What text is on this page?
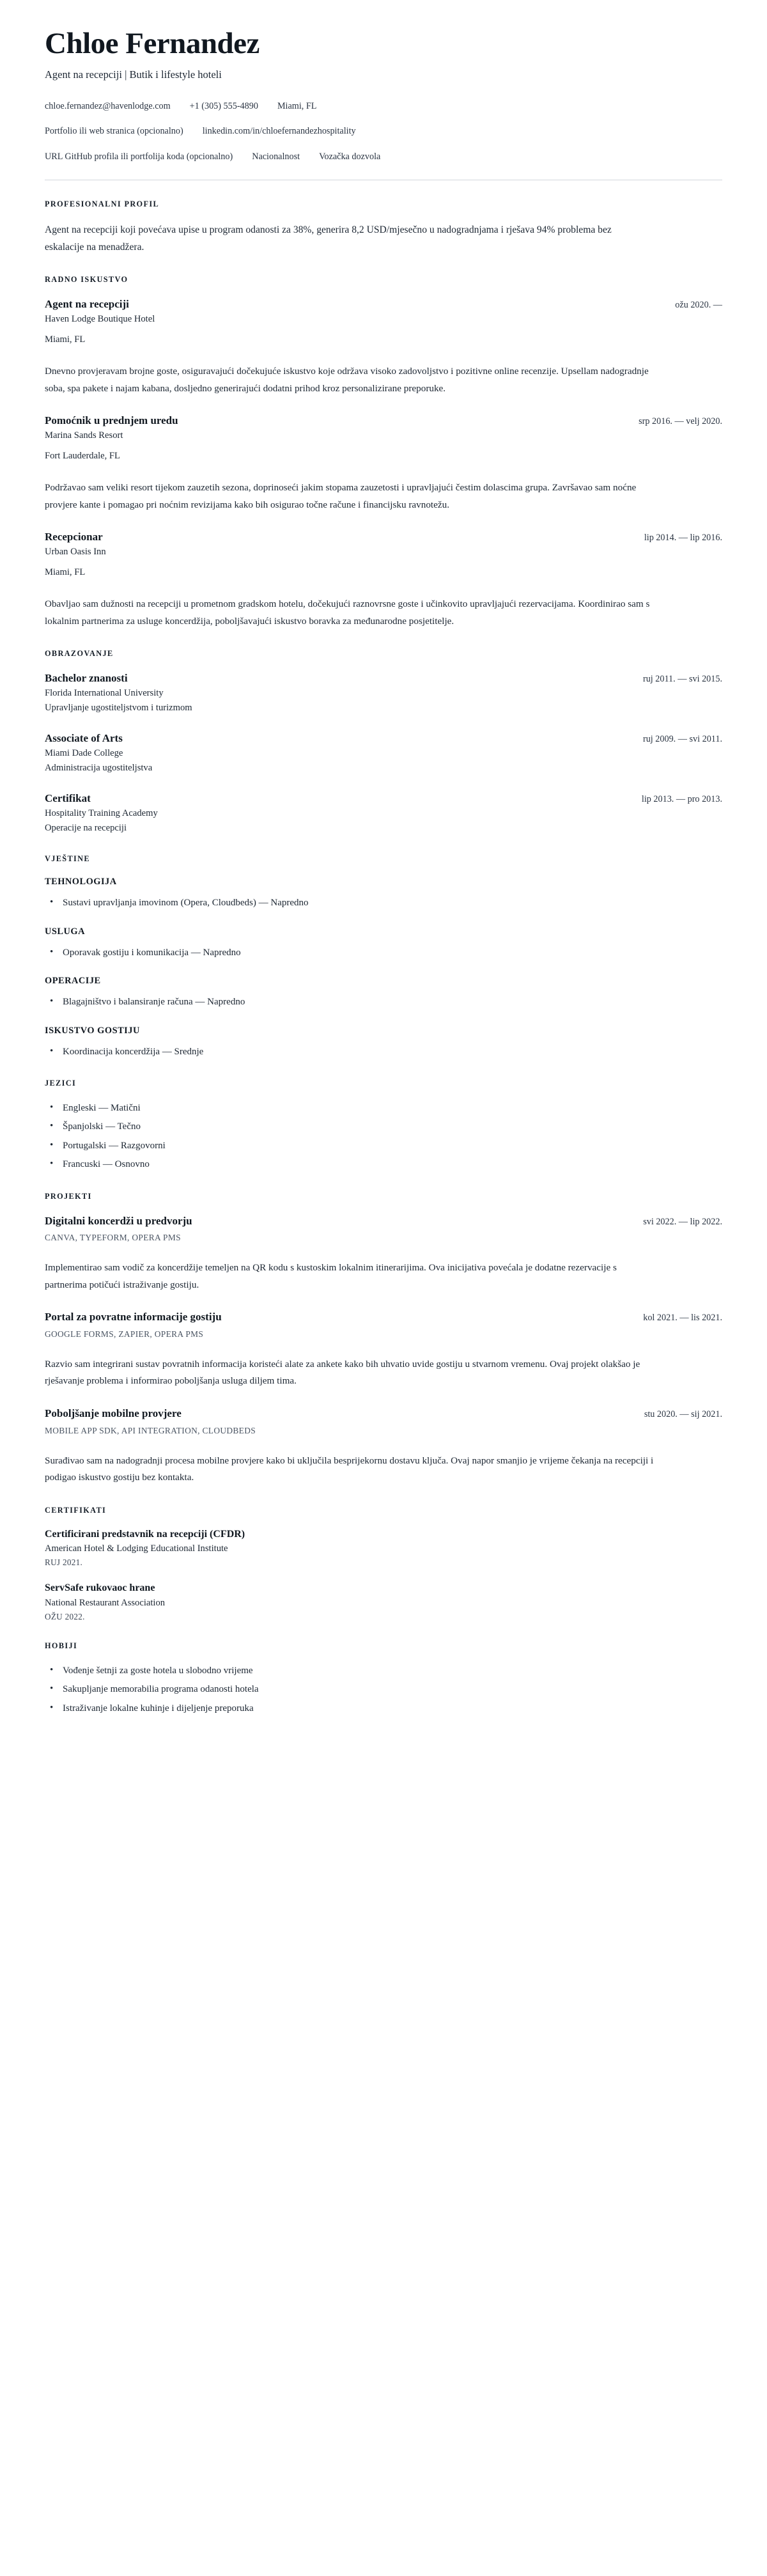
Chloe Fernandez
Agent na recepciji | Butik i lifestyle hoteli
chloe.fernandez@havenlodge.com +1 (305) 555-4890 Miami, FL
Portfolio ili web stranica (opcionalno) linkedin.com/in/chloefernandezhospitality
URL GitHub profila ili portfolija koda (opcionalno) Nacionalnost Vozačka dozvola
PROFESIONALNI PROFIL

Agent na recepciji koji povećava upise u program odanosti za 38%, generira 8,2 USD/mjesečno u nadogradnjama i rješava 94% problema bez eskalacije na menadžera.

RADNO ISKUSTVO
Agent na recepciji	ožu 2020. —
Haven Lodge Boutique Hotel
Miami, FL

Dnevno provjeravam brojne goste, osiguravajući dočekujuće iskustvo koje održava visoko zadovoljstvo i pozitivne online recenzije. Upsellam nadogradnje soba, spa pakete i najam kabana, dosljedno generirajući dodatni prihod kroz personalizirane preporuke.

Pomoćnik u prednjem uredu	srp 2016. — velj 2020.
Marina Sands Resort
Fort Lauderdale, FL

Podržavao sam veliki resort tijekom zauzetih sezona, doprinoseći jakim stopama zauzetosti i upravljajući čestim dolascima grupa. Završavao sam noćne provjere kante i pomagao pri noćnim revizijama kako bih osigurao točne račune i financijsku ravnotežu.

Recepcionar	lip 2014. — lip 2016.
Urban Oasis Inn
Miami, FL

Obavljao sam dužnosti na recepciji u prometnom gradskom hotelu, dočekujući raznovrsne goste i učinkovito upravljajući rezervacijama. Koordinirao sam s lokalnim partnerima za usluge koncerdžija, poboljšavajući iskustvo boravka za međunarodne posjetitelje.

OBRAZOVANJE
Bachelor znanosti	ruj 2011. — svi 2015.
Florida International University
Upravljanje ugostiteljstvom i turizmom
Associate of Arts	ruj 2009. — svi 2011.
Miami Dade College
Administracija ugostiteljstva
Certifikat	lip 2013. — pro 2013.
Hospitality Training Academy
Operacije na recepciji
VJEŠTINE
TEHNOLOGIJA
• Sustavi upravljanja imovinom (Opera, Cloudbeds) — Napredno
USLUGA
• Oporavak gostiju i komunikacija — Napredno
OPERACIJE
• Blagajništvo i balansiranje računa — Napredno
ISKUSTVO GOSTIJU
• Koordinacija koncerdžija — Srednje
JEZICI
• Engleski — Matični
• Španjolski — Tečno
• Portugalski — Razgovorni
• Francuski — Osnovno
PROJEKTI
Digitalni koncerdži u predvorju	svi 2022. — lip 2022.
CANVA, TYPEFORM, OPERA PMS

Implementirao sam vodič za koncerdžije temeljen na QR kodu s kustoskim lokalnim itinerarijima. Ova inicijativa povećala je dodatne rezervacije s partnerima potičući istraživanje gostiju.

Portal za povratne informacije gostiju	kol 2021. — lis 2021.
GOOGLE FORMS, ZAPIER, OPERA PMS

Razvio sam integrirani sustav povratnih informacija koristeći alate za ankete kako bih uhvatio uvide gostiju u stvarnom vremenu. Ovaj projekt olakšao je rješavanje problema i informirao poboljšanja usluga diljem tima.

Poboljšanje mobilne provjere	stu 2020. — sij 2021.
MOBILE APP SDK, API INTEGRATION, CLOUDBEDS

Surađivao sam na nadogradnji procesa mobilne provjere kako bi uključila besprijekornu dostavu ključa. Ovaj napor smanjio je vrijeme čekanja na recepciji i podigao iskustvo gostiju bez kontakta.

CERTIFIKATI
Certificirani predstavnik na recepciji (CFDR)
American Hotel & Lodging Educational Institute
RUJ 2021.
ServSafe rukovaoc hrane
National Restaurant Association
OŽU 2022.
HOBIJI
• Vođenje šetnji za goste hotela u slobodno vrijeme
• Sakupljanje memorabilia programa odanosti hotela
• Istraživanje lokalne kuhinje i dijeljenje preporuka
